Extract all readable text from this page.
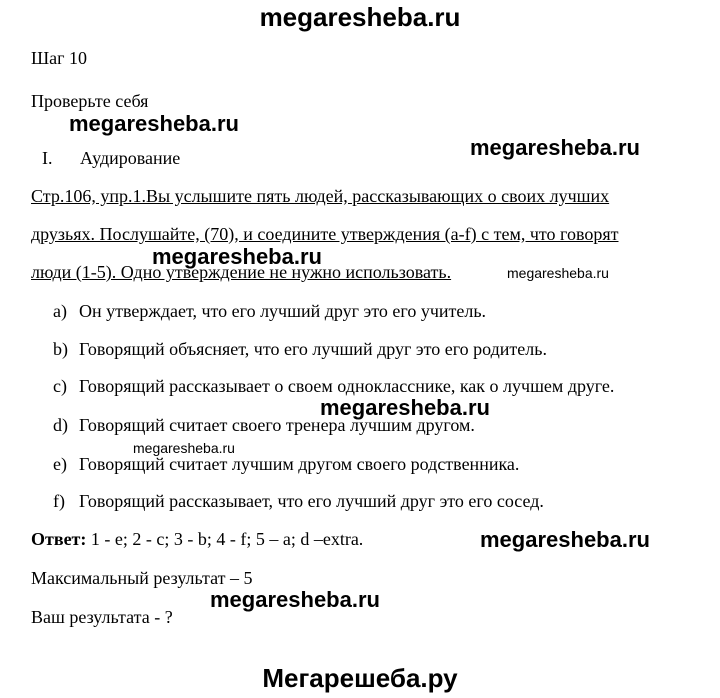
megaresheba.ru
Шаг 10
Проверьте себя
megaresheba.ru
megaresheba.ru
I. Аудирование
Стр.106, упр.1.Вы услышите пять людей, рассказывающих о своих лучших
друзьях. Послушайте, (70), и соедините утверждения (a-f) с тем, что говорят
megaresheba.ru
люди (1-5). Одно утверждение не нужно использовать.	megaresheba.ru
a) Он утверждает, что его лучший друг это его учитель.
b) Говорящий объясняет, что его лучший друг это его родитель.
c) Говорящий рассказывает о своем однокласснике, как о лучшем друге.
megaresheba.ru
d) Говорящий считает своего тренера лучшим другом.
megaresheba.ru
e) Говорящий считает лучшим другом своего родственника.
f) Говорящий рассказывает, что его лучший друг это его сосед.
Ответ: 1 - e; 2 - c; 3 - b; 4 - f; 5 – a; d –extra.	megaresheba.ru
Максимальный результат – 5
megaresheba.ru
Ваш результата - ?
Мегарешеба.ру
